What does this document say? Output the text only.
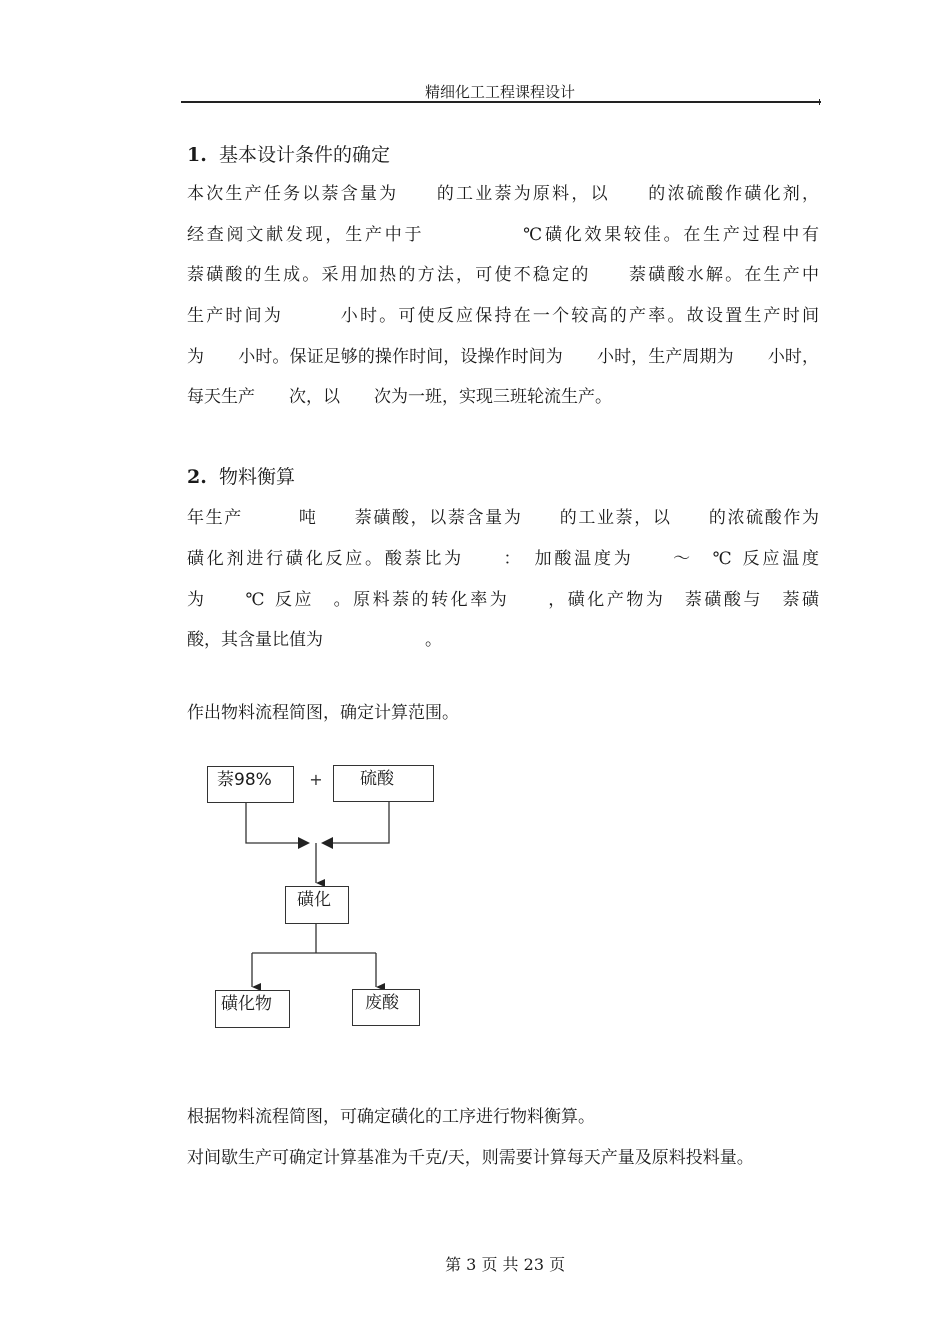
精细化工工程课程设计
1. 基本设计条件的确定
本次生产任务以萘含量为　　的工业萘为原料，以　　的浓硫酸作磺化剂，
经查阅文献发现，生产中于　　　　　℃磺化效果较佳。在生产过程中有
萘磺酸的生成。采用加热的方法，可使不稳定的　　萘磺酸水解。在生产中
生产时间为　　　小时。可使反应保持在一个较高的产率。故设置生产时间
为　　小时。保证足够的操作时间，设操作时间为　　小时，生产周期为　　小时，
每天生产　　次，以　　次为一班，实现三班轮流生产。
2. 物料衡算
年生产　　　吨　　萘磺酸，以萘含量为　　的工业萘，以　　的浓硫酸作为
磺化剂进行磺化反应。酸萘比为　　：　加酸温度为　　～　℃ 反应温度
为　　℃ 反应　。原料萘的转化率为　　，磺化产物为　萘磺酸与　萘磺
酸，其含量比值为　　　　　　。
作出物料流程简图，确定计算范围。
+
萘98%	硫酸
磺化
磺化物	废酸
根据物料流程简图，可确定磺化的工序进行物料衡算。
对间歇生产可确定计算基准为千克/天，则需要计算每天产量及原料投料量。

第 3 页 共 23 页
